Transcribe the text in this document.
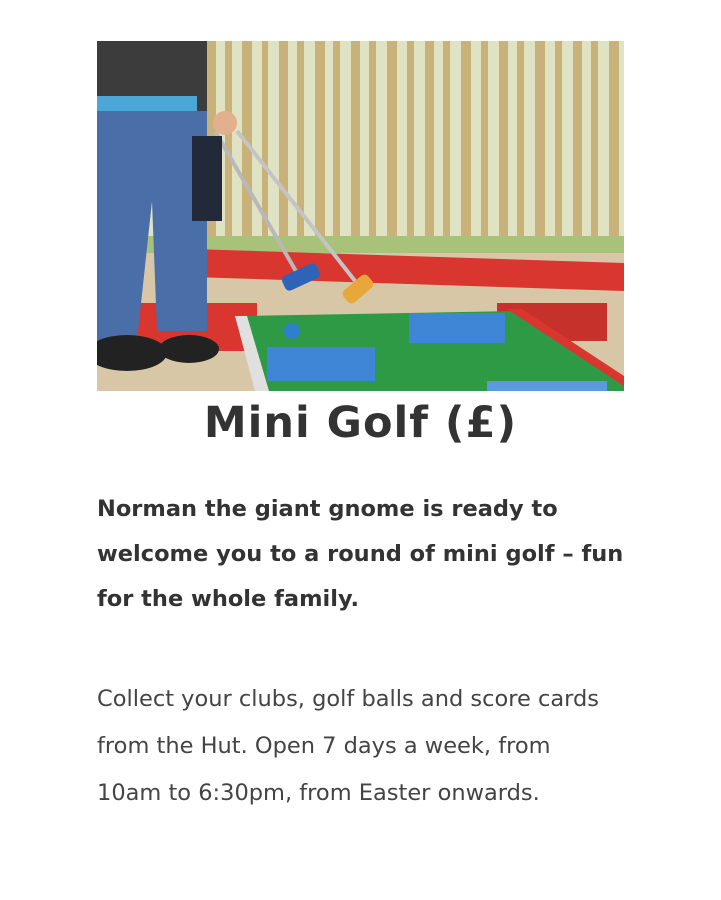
Mini Golf (£)

Norman the giant gnome is ready to welcome you to a round of mini golf – fun for the whole family.

Collect your clubs, golf balls and score cards from the Hut. Open 7 days a week, from 10am to 6:30pm, from Easter onwards.
